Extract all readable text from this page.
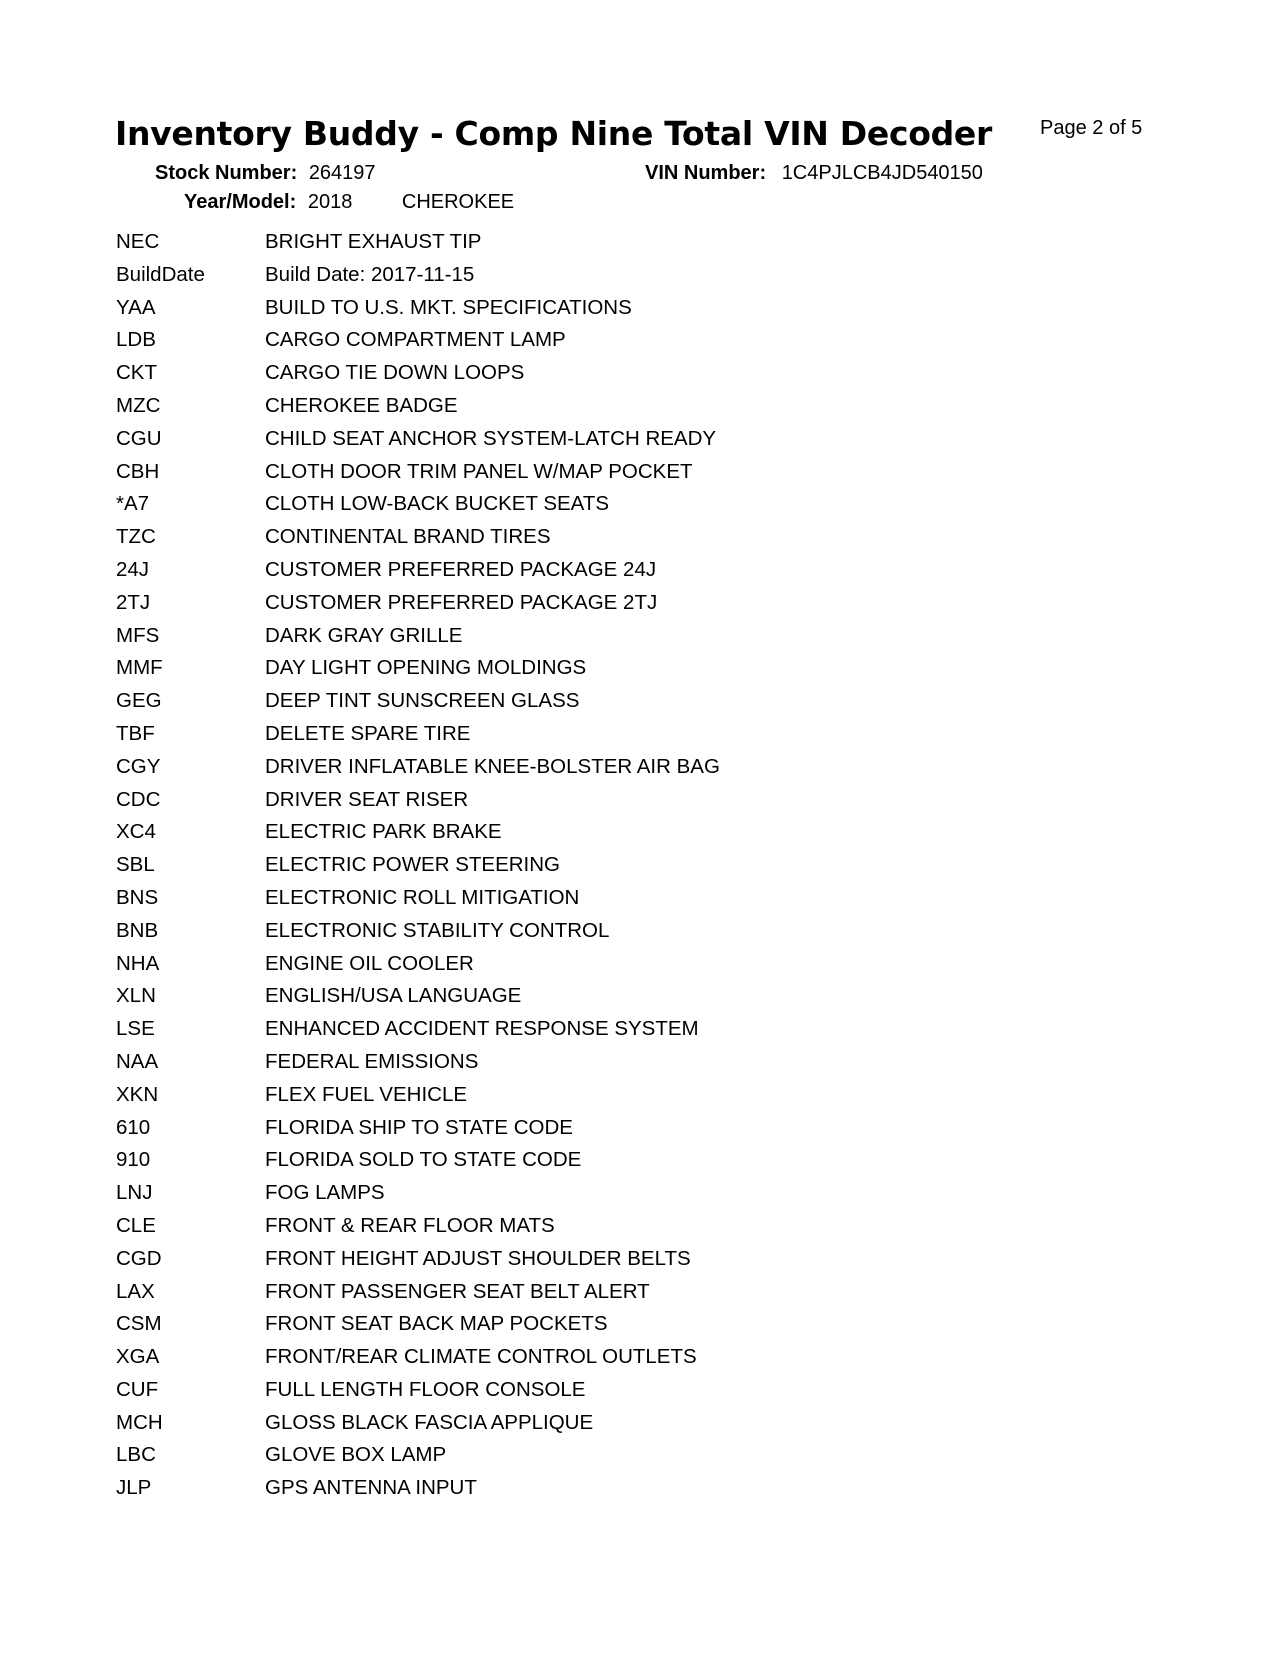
Inventory Buddy - Comp Nine Total VIN Decoder Page 2 of 5
Stock Number: 264197	VIN Number: 1C4PJLCB4JD540150
Year/Model: 2018 CHEROKEE
NEC	BRIGHT EXHAUST TIP
BuildDate	Build Date: 2017-11-15
YAA	BUILD TO U.S. MKT. SPECIFICATIONS
LDB	CARGO COMPARTMENT LAMP
CKT	CARGO TIE DOWN LOOPS
MZC	CHEROKEE BADGE
CGU	CHILD SEAT ANCHOR SYSTEM-LATCH READY
CBH	CLOTH DOOR TRIM PANEL W/MAP POCKET
*A7	CLOTH LOW-BACK BUCKET SEATS
TZC	CONTINENTAL BRAND TIRES
24J	CUSTOMER PREFERRED PACKAGE 24J
2TJ	CUSTOMER PREFERRED PACKAGE 2TJ
MFS	DARK GRAY GRILLE
MMF	DAY LIGHT OPENING MOLDINGS
GEG	DEEP TINT SUNSCREEN GLASS
TBF	DELETE SPARE TIRE
CGY	DRIVER INFLATABLE KNEE-BOLSTER AIR BAG
CDC	DRIVER SEAT RISER
XC4	ELECTRIC PARK BRAKE
SBL	ELECTRIC POWER STEERING
BNS	ELECTRONIC ROLL MITIGATION
BNB	ELECTRONIC STABILITY CONTROL
NHA	ENGINE OIL COOLER
XLN	ENGLISH/USA LANGUAGE
LSE	ENHANCED ACCIDENT RESPONSE SYSTEM
NAA	FEDERAL EMISSIONS
XKN	FLEX FUEL VEHICLE
610	FLORIDA SHIP TO STATE CODE
910	FLORIDA SOLD TO STATE CODE
LNJ	FOG LAMPS
CLE	FRONT & REAR FLOOR MATS
CGD	FRONT HEIGHT ADJUST SHOULDER BELTS
LAX	FRONT PASSENGER SEAT BELT ALERT
CSM	FRONT SEAT BACK MAP POCKETS
XGA	FRONT/REAR CLIMATE CONTROL OUTLETS
CUF	FULL LENGTH FLOOR CONSOLE
MCH	GLOSS BLACK FASCIA APPLIQUE
LBC	GLOVE BOX LAMP
JLP	GPS ANTENNA INPUT
